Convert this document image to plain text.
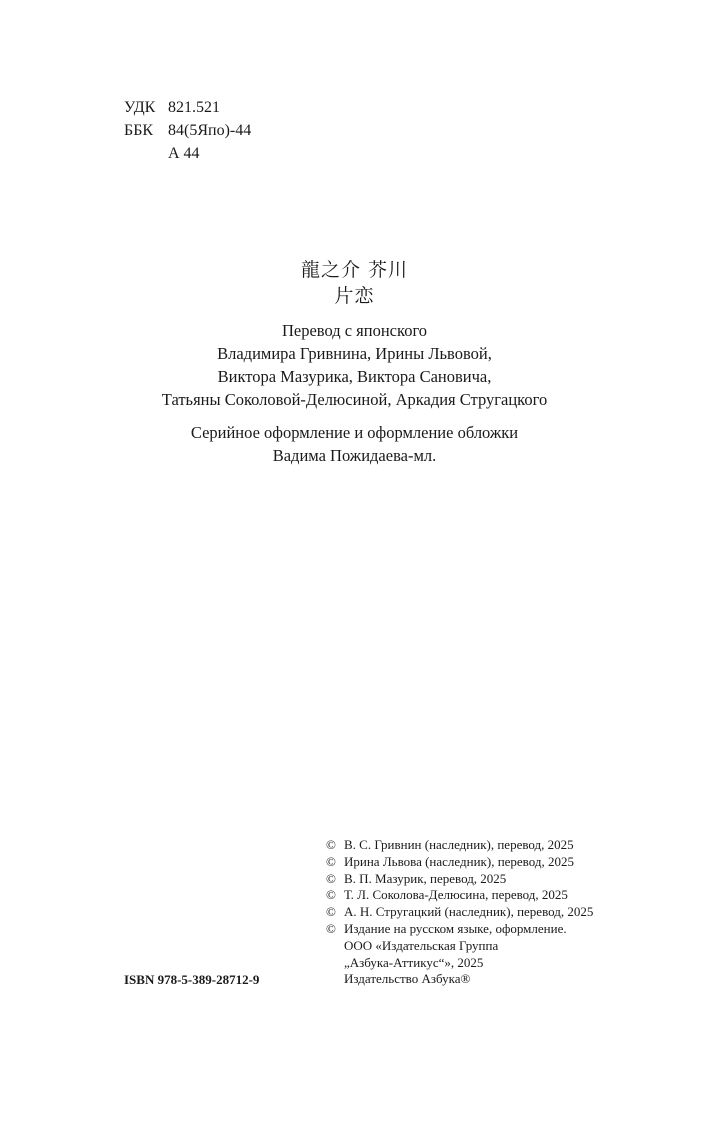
УДК 821.521
ББК 84(5Япо)-44
А 44
龍之介 芥川
片恋
Перевод с японского
Владимира Гривнина, Ирины Львовой,
Виктора Мазурика, Виктора Сановича,
Татьяны Соколовой-Делюсиной, Аркадия Стругацкого
Серийное оформление и оформление обложки
Вадима Пожидаева-мл.
© В. С. Гривнин (наследник), перевод, 2025
© Ирина Львова (наследник), перевод, 2025
© В. П. Мазурик, перевод, 2025
© Т. Л. Соколова-Делюсина, перевод, 2025
© А. Н. Стругацкий (наследник), перевод, 2025
© Издание на русском языке, оформление.
ООО «Издательская Группа
„Азбука-Аттикус“», 2025
Издательство Азбука®
ISBN 978-5-389-28712-9
